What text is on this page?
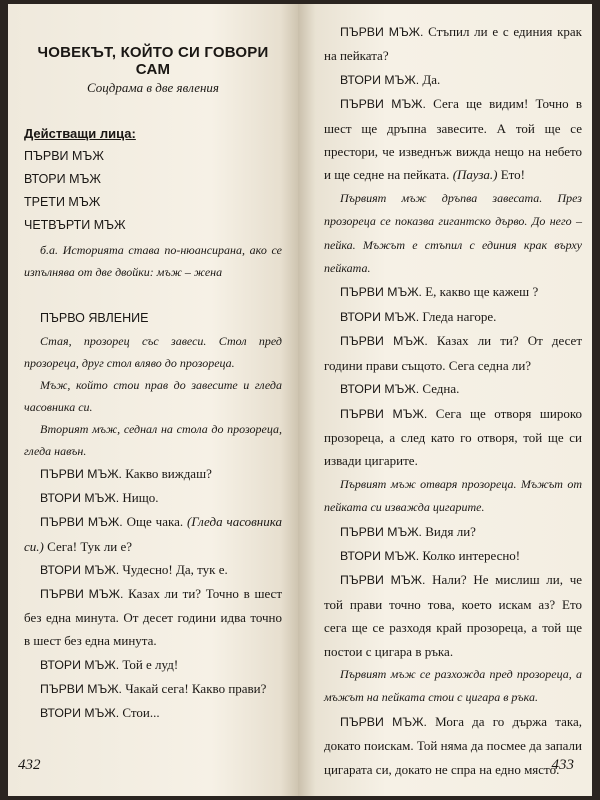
ЧОВЕКЪТ, КОЙТО СИ ГОВОРИ САМ
Соцдрама в две явления
Действащи лица:
ПЪРВИ МЪЖ
ВТОРИ МЪЖ
ТРЕТИ МЪЖ
ЧЕТВЪРТИ МЪЖ

б.а. Историята става по-нюансирана, ако се изпълнява от две двойки: мъж – жена

ПЪРВО ЯВЛЕНИЕ

Стая, прозорец със завеси. Стол пред прозореца, друг стол вляво до прозореца.

Мъж, който стои прав до завесите и гледа часовника си.

Вторият мъж, седнал на стола до прозореца, гледа навън.

ПЪРВИ МЪЖ. Какво виждаш?

ВТОРИ МЪЖ. Нищо.

ПЪРВИ МЪЖ. Още чака. (Гледа часовника си.) Сега! Тук ли е?

ВТОРИ МЪЖ. Чудесно! Да, тук е.

ПЪРВИ МЪЖ. Казах ли ти? Точно в шест без една минута. От десет години идва точно в шест без една минута.

ВТОРИ МЪЖ. Той е луд!

ПЪРВИ МЪЖ. Чакай сега! Какво прави?

ВТОРИ МЪЖ. Стои...

432

ПЪРВИ МЪЖ. Стъпил ли е с единия крак на пейката?

ВТОРИ МЪЖ. Да.

ПЪРВИ МЪЖ. Сега ще видим! Точно в шест ще дръпна завесите. А той ще се престори, че изведнъж вижда нещо на небето и ще седне на пейката. (Пауза.) Ето!

Първият мъж дръпва завесата. През прозореца се показва гигантско дърво. До него – пейка. Мъжът е стъпил с единия крак върху пейката.

ПЪРВИ МЪЖ. Е, какво ще кажеш ?

ВТОРИ МЪЖ. Гледа нагоре.

ПЪРВИ МЪЖ. Казах ли ти? От десет години прави същото. Сега седна ли?

ВТОРИ МЪЖ. Седна.

ПЪРВИ МЪЖ. Сега ще отворя широко прозореца, а след като го отворя, той ще си извади цигарите.

Първият мъж отваря прозореца. Мъжът от пейката си изважда цигарите.

ПЪРВИ МЪЖ. Видя ли?

ВТОРИ МЪЖ. Колко интересно!

ПЪРВИ МЪЖ. Нали? Не мислиш ли, че той прави точно това, което искам аз? Ето сега ще се разходя край прозореца, а той ще постои с цигара в ръка.

Първият мъж се разхожда пред прозореца, а мъжът на пейката стои с цигара в ръка.

ПЪРВИ МЪЖ. Мога да го държа така, докато поискам. Той няма да посмее да запали цигарата си, докато не спра на едно място.

433
